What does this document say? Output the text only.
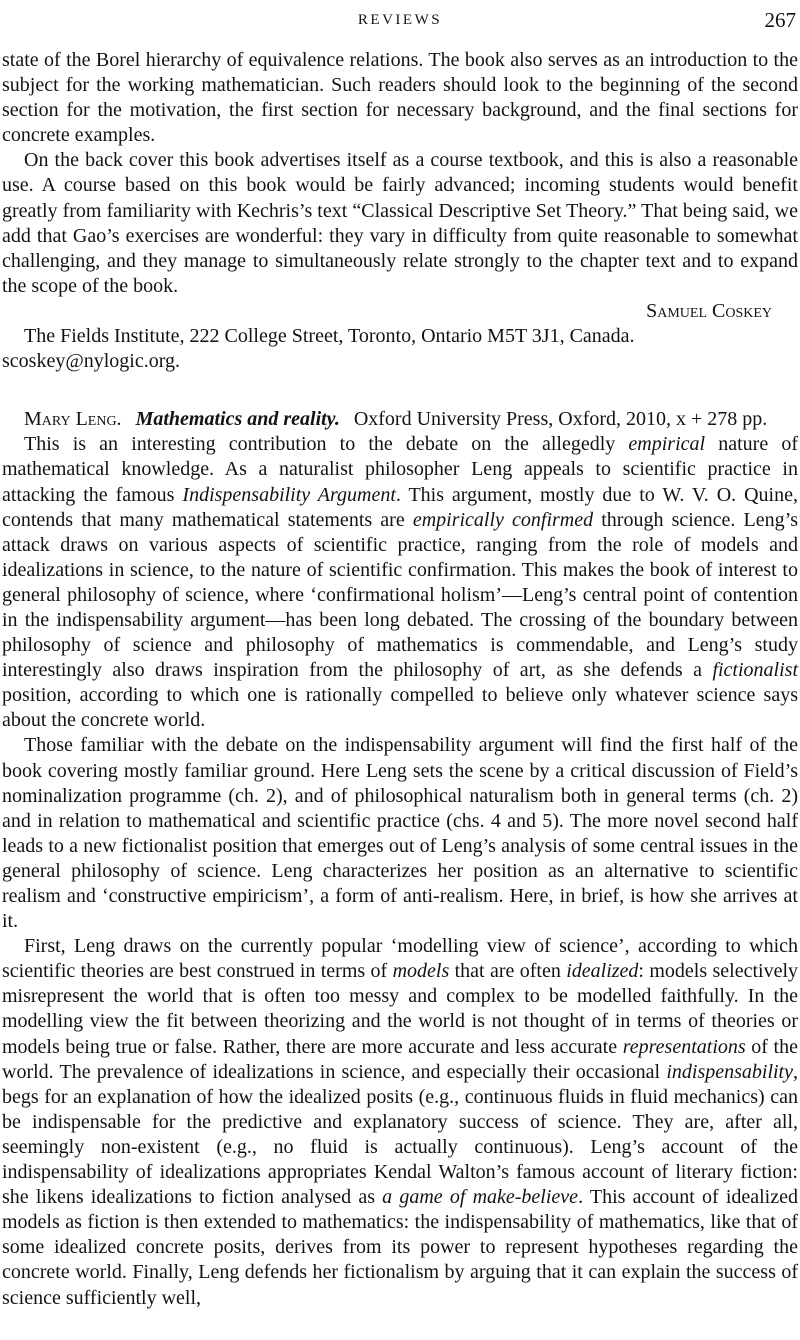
REVIEWS	267

state of the Borel hierarchy of equivalence relations. The book also serves as an introduction to the subject for the working mathematician. Such readers should look to the beginning of the second section for the motivation, the first section for necessary background, and the final sections for concrete examples.

On the back cover this book advertises itself as a course textbook, and this is also a reasonable use. A course based on this book would be fairly advanced; incoming students would benefit greatly from familiarity with Kechris’s text “Classical Descriptive Set Theory.” That being said, we add that Gao’s exercises are wonderful: they vary in difficulty from quite reasonable to somewhat challenging, and they manage to simultaneously relate strongly to the chapter text and to expand the scope of the book.

Samuel Coskey

The Fields Institute, 222 College Street, Toronto, Ontario M5T 3J1, Canada. scoskey@nylogic.org.

Mary Leng. Mathematics and reality. Oxford University Press, Oxford, 2010, x + 278 pp.

This is an interesting contribution to the debate on the allegedly empirical nature of mathematical knowledge. As a naturalist philosopher Leng appeals to scientific practice in attacking the famous Indispensability Argument. This argument, mostly due to W. V. O. Quine, contends that many mathematical statements are empirically confirmed through science. Leng’s attack draws on various aspects of scientific practice, ranging from the role of models and idealizations in science, to the nature of scientific confirmation. This makes the book of interest to general philosophy of science, where ‘confirmational holism’—Leng’s central point of contention in the indispensability argument—has been long debated. The crossing of the boundary between philosophy of science and philosophy of mathematics is commendable, and Leng’s study interestingly also draws inspiration from the philosophy of art, as she defends a fictionalist position, according to which one is rationally compelled to believe only whatever science says about the concrete world.

Those familiar with the debate on the indispensability argument will find the first half of the book covering mostly familiar ground. Here Leng sets the scene by a critical discussion of Field’s nominalization programme (ch. 2), and of philosophical naturalism both in general terms (ch. 2) and in relation to mathematical and scientific practice (chs. 4 and 5). The more novel second half leads to a new fictionalist position that emerges out of Leng’s analysis of some central issues in the general philosophy of science. Leng characterizes her position as an alternative to scientific realism and ‘constructive empiricism’, a form of anti-realism. Here, in brief, is how she arrives at it.

First, Leng draws on the currently popular ‘modelling view of science’, according to which scientific theories are best construed in terms of models that are often idealized: models selectively misrepresent the world that is often too messy and complex to be modelled faithfully. In the modelling view the fit between theorizing and the world is not thought of in terms of theories or models being true or false. Rather, there are more accurate and less accurate representations of the world. The prevalence of idealizations in science, and especially their occasional indispensability, begs for an explanation of how the idealized posits (e.g., continuous fluids in fluid mechanics) can be indispensable for the predictive and explanatory success of science. They are, after all, seemingly non-existent (e.g., no fluid is actually continuous). Leng’s account of the indispensability of idealizations appropriates Kendal Walton’s famous account of literary fiction: she likens idealizations to fiction analysed as a game of make-believe. This account of idealized models as fiction is then extended to mathematics: the indispensability of mathematics, like that of some idealized concrete posits, derives from its power to represent hypotheses regarding the concrete world. Finally, Leng defends her fictionalism by arguing that it can explain the success of science sufficiently well,
